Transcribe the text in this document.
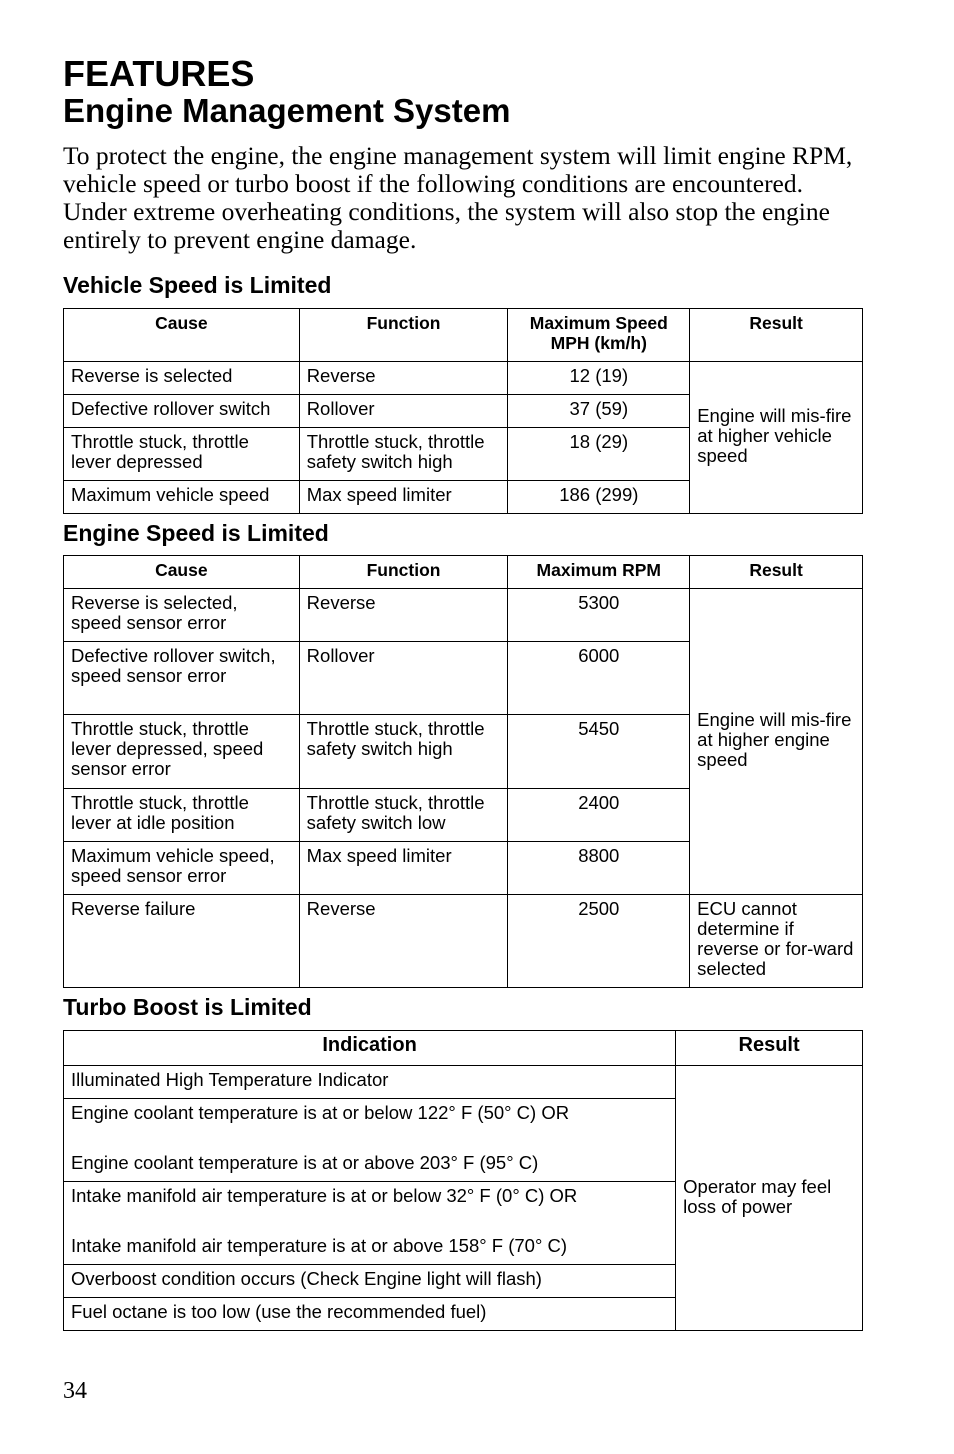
FEATURES
Engine Management System

To protect the engine, the engine management system will limit engine RPM, vehicle speed or turbo boost if the following conditions are encountered. Under extreme overheating conditions, the system will also stop the engine entirely to prevent engine damage.

Vehicle Speed is Limited
Cause	Function	Maximum Speed MPH (km/h)	Result
Reverse is selected	Reverse	12 (19)	Engine will mis-fire at higher vehicle speed
Defective rollover switch	Rollover	37 (59)	
Throttle stuck, throttle lever depressed	Throttle stuck, throttle safety switch high	18 (29)	
Maximum vehicle speed	Max speed limiter	186 (299)	
Engine Speed is Limited
Cause	Function	Maximum RPM	Result
Reverse is selected, speed sensor error	Reverse	5300	Engine will mis-fire at higher engine speed
Defective rollover switch, speed sensor error	Rollover	6000	
Throttle stuck, throttle lever depressed, speed sensor error	Throttle stuck, throttle safety switch high	5450	
Throttle stuck, throttle lever at idle position	Throttle stuck, throttle safety switch low	2400	
Maximum vehicle speed, speed sensor error	Max speed limiter	8800	
Reverse failure	Reverse	2500	ECU cannot determine if reverse or for-ward selected
Turbo Boost is Limited
Indication	Result
Illuminated High Temperature Indicator	Operator may feel loss of power
Engine coolant temperature is at or below 122° F (50° C) OR
Engine coolant temperature is at or above 203° F (95° C)	
Intake manifold air temperature is at or below 32° F (0° C) OR
Intake manifold air temperature is at or above 158° F (70° C)	
Overboost condition occurs (Check Engine light will flash)	
Fuel octane is too low (use the recommended fuel)	
34
